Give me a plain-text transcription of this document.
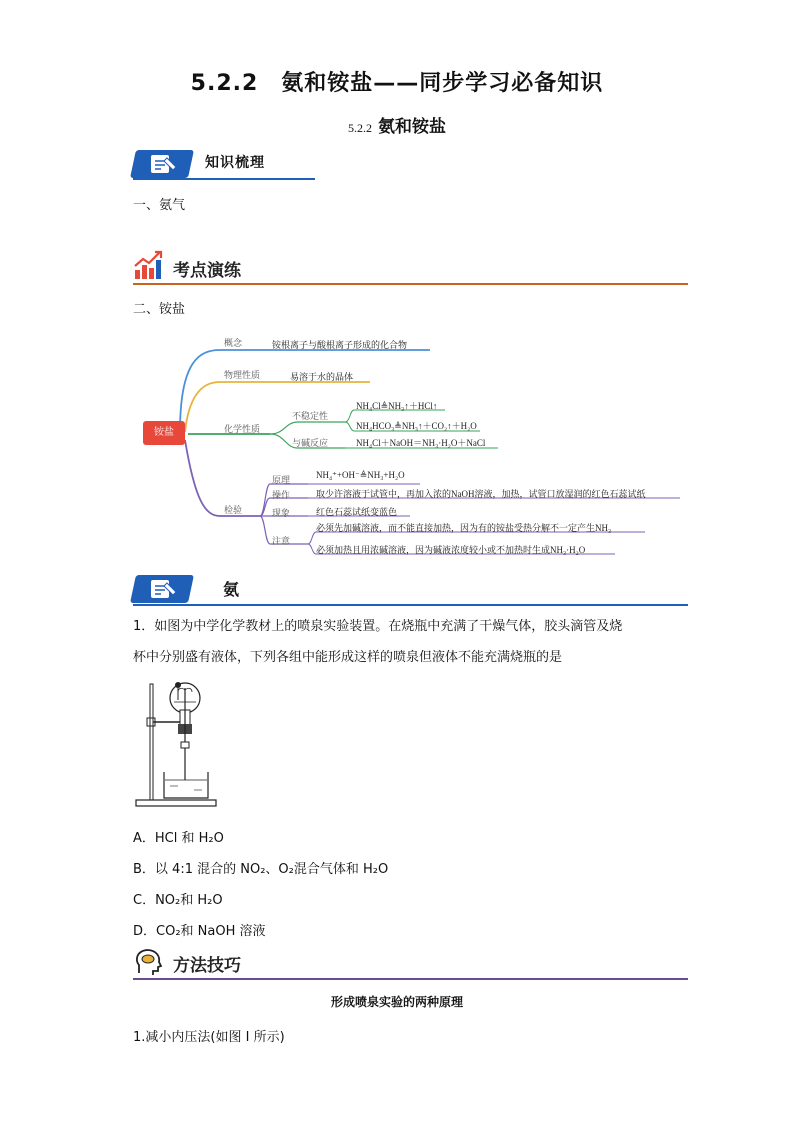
5.2.2　氨和铵盐——同步学习必备知识
5.2.2 氨和铵盐
知识梳理
一、氨气
考点演练
二、铵盐
铵盐
概念	铵根离子与酸根离子形成的化合物
物理性质	易溶于水的晶体
化学性质
不稳定性
NH₄Cl≜NH₃↑＋HCl↑
NH₄HCO₃≜NH₃↑＋CO₂↑＋H₂O
与碱反应	NH₄Cl＋NaOH＝NH₃·H₂O＋NaCl
检验
原理
NH₄⁺+OH⁻≜NH₃+H₂O
操作	取少许溶液于试管中，再加入浓的NaOH溶液，加热，试管口放湿润的红色石蕊试纸
现象	红色石蕊试纸变蓝色
注意
必须先加碱溶液，而不能直接加热，因为有的铵盐受热分解不一定产生NH₃
必须加热且用浓碱溶液，因为碱液浓度较小或不加热时生成NH₃·H₂O
氨
1．如图为中学化学教材上的喷泉实验装置。在烧瓶中充满了干燥气体，胶头滴管及烧
杯中分别盛有液体，下列各组中能形成这样的喷泉但液体不能充满烧瓶的是
A．HCl 和 H₂O
B．以 4:1 混合的 NO₂、O₂混合气体和 H₂O
C．NO₂和 H₂O
D．CO₂和 NaOH 溶液
方法技巧
形成喷泉实验的两种原理
1.减小内压法(如图 I 所示)
